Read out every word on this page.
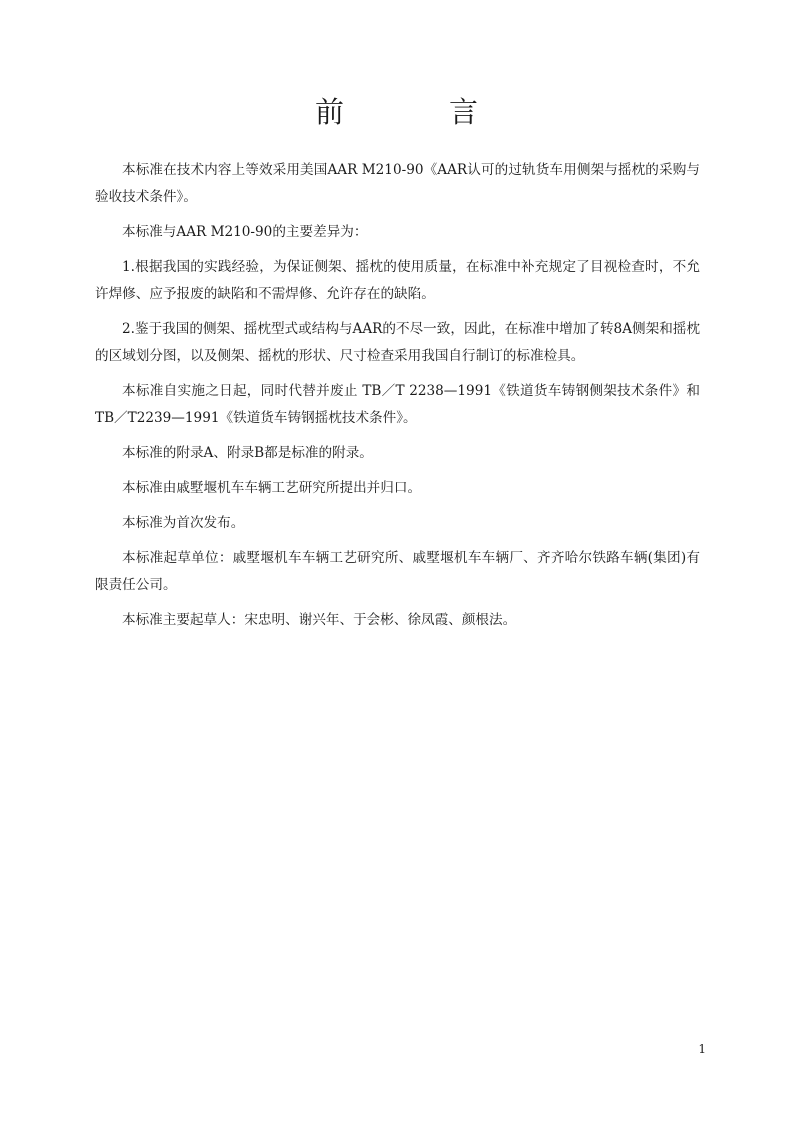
前　言

本标准在技术内容上等效采用美国AAR M210-90《AAR认可的过轨货车用侧架与摇枕的采购与验收技术条件》。

本标准与AAR M210-90的主要差异为：

1.根据我国的实践经验，为保证侧架、摇枕的使用质量，在标准中补充规定了目视检查时，不允许焊修、应予报废的缺陷和不需焊修、允许存在的缺陷。

2.鉴于我国的侧架、摇枕型式或结构与AAR的不尽一致，因此，在标准中增加了转8A侧架和摇枕的区域划分图，以及侧架、摇枕的形状、尺寸检查采用我国自行制订的标准检具。

本标准自实施之日起，同时代替并废止 TB／T 2238—1991《铁道货车铸钢侧架技术条件》和TB／T2239—1991《铁道货车铸钢摇枕技术条件》。

本标准的附录A、附录B都是标准的附录。

本标准由戚墅堰机车车辆工艺研究所提出并归口。

本标准为首次发布。

本标准起草单位：戚墅堰机车车辆工艺研究所、戚墅堰机车车辆厂、齐齐哈尔铁路车辆(集团)有限责任公司。

本标准主要起草人：宋忠明、谢兴年、于会彬、徐凤霞、颜根法。

1
